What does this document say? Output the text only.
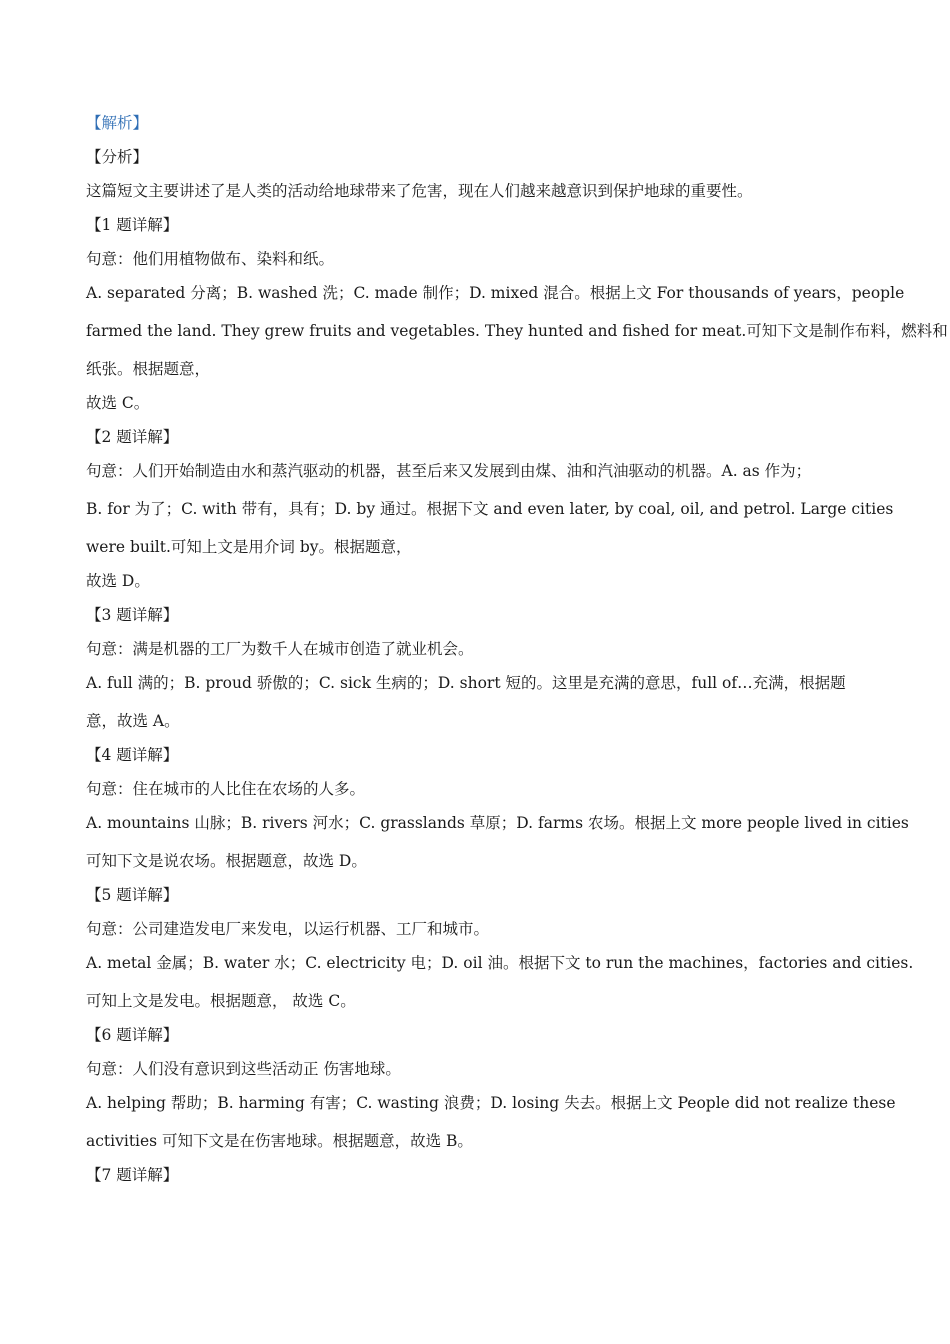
【解析】
【分析】
这篇短文主要讲述了是人类的活动给地球带来了危害，现在人们越来越意识到保护地球的重要性。
【1 题详解】
句意：他们用植物做布、染料和纸。
A. separated 分离；B. washed 洗；C. made 制作；D. mixed 混合。根据上文 For thousands of years，people
farmed the land. They grew fruits and vegetables. They hunted and fished for meat.可知下文是制作布料，燃料和
纸张。根据题意，
故选 C。
【2 题详解】
句意：人们开始制造由水和蒸汽驱动的机器，甚至后来又发展到由煤、油和汽油驱动的机器。A. as 作为；
B. for 为了；C. with 带有，具有；D. by 通过。根据下文 and even later, by coal, oil, and petrol. Large cities
were built.可知上文是用介词 by。根据题意，
故选 D。
【3 题详解】
句意：满是机器的工厂为数千人在城市创造了就业机会。
A. full 满的；B. proud 骄傲的；C. sick 生病的；D. short 短的。这里是充满的意思，full of…充满，根据题
意，故选 A。
【4 题详解】
句意：住在城市的人比住在农场的人多。
A. mountains 山脉；B. rivers 河水；C. grasslands 草原；D. farms 农场。根据上文 more people lived in cities
可知下文是说农场。根据题意，故选 D。
【5 题详解】
句意：公司建造发电厂来发电，以运行机器、工厂和城市。
A. metal 金属；B. water 水；C. electricity 电；D. oil 油。根据下文 to run the machines，factories and cities.
可知上文是发电。根据题意， 故选 C。
【6 题详解】
句意：人们没有意识到这些活动正 伤害地球。
A. helping 帮助；B. harming 有害；C. wasting 浪费；D. losing 失去。根据上文 People did not realize these
activities 可知下文是在伤害地球。根据题意，故选 B。
【7 题详解】
